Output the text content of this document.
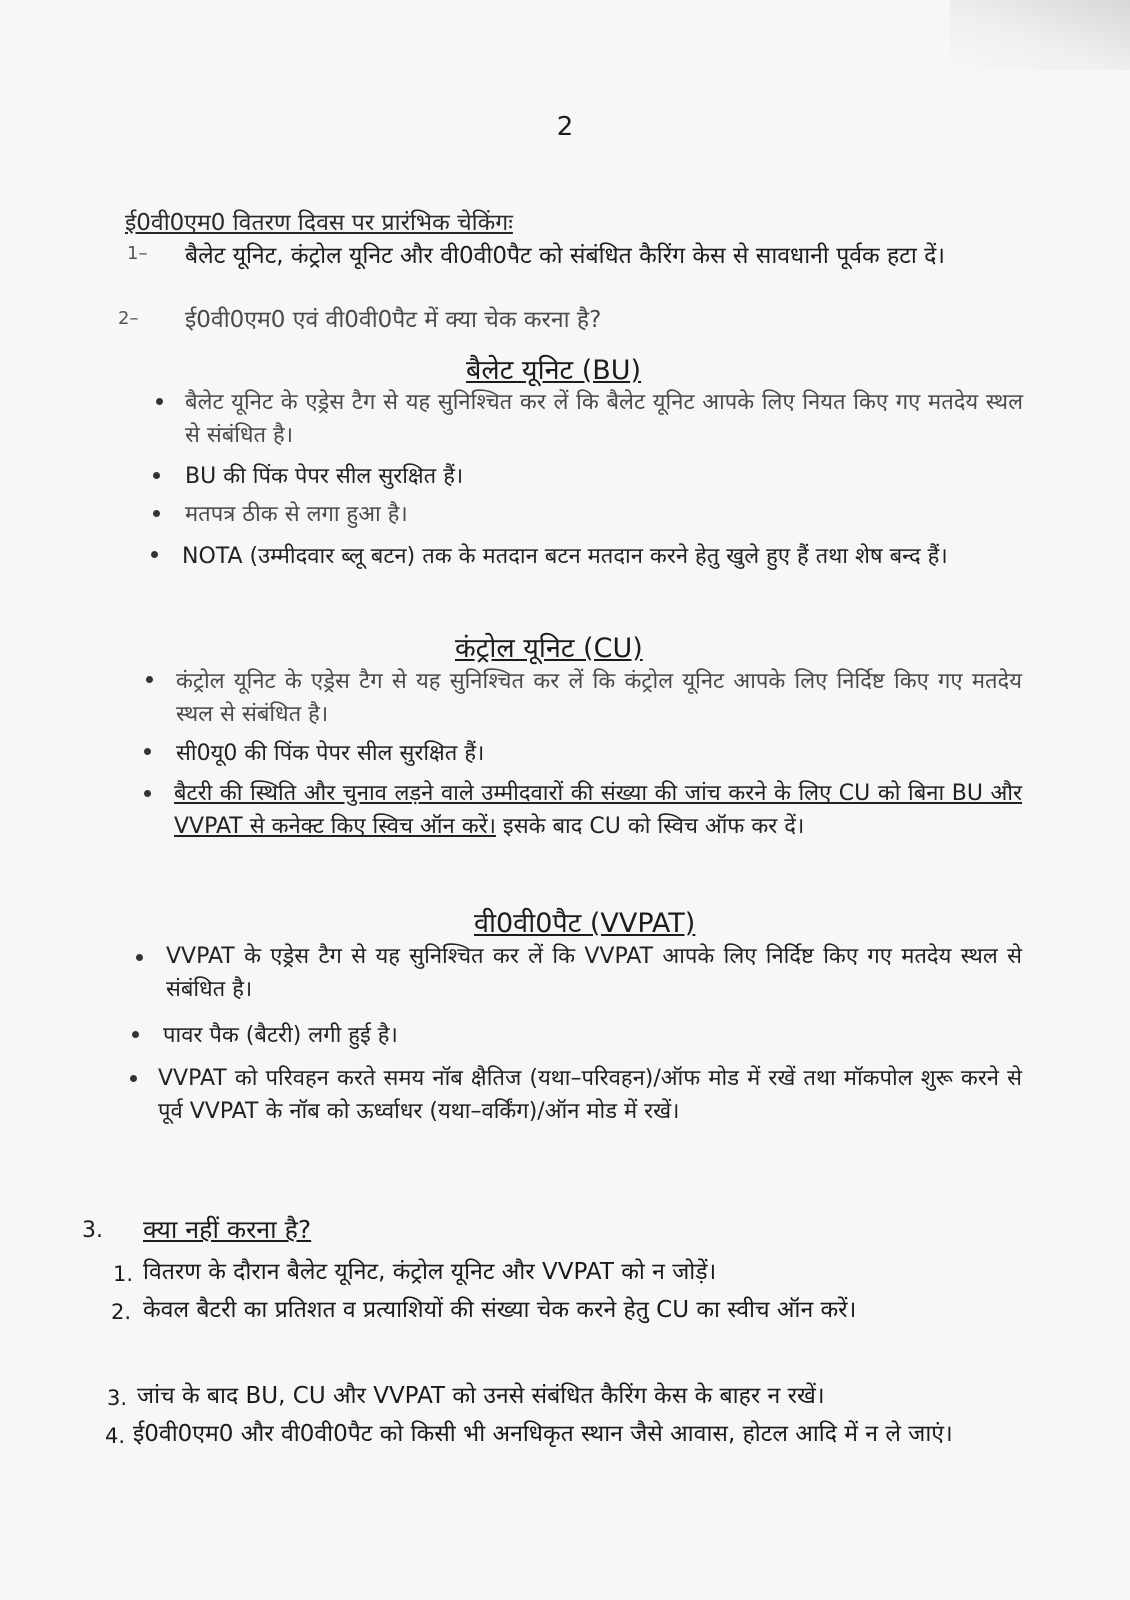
2
ई0वी0एम0 वितरण दिवस पर प्रारंभिक चेकिंगः
1– बैलेट यूनिट, कंट्रोल यूनिट और वी0वी0पैट को संबंधित कैरिंग केस से सावधानी पूर्वक हटा दें।
2– ई0वी0एम0 एवं वी0वी0पैट में क्या चेक करना है?
बैलेट यूनिट (BU)
बैलेट यूनिट के एड्रेस टैग से यह सुनिश्चित कर लें कि बैलेट यूनिट आपके लिए नियत किए गए मतदेय स्थल से संबंधित है।
BU की पिंक पेपर सील सुरक्षित हैं।
मतपत्र ठीक से लगा हुआ है।
NOTA (उम्मीदवार ब्लू बटन) तक के मतदान बटन मतदान करने हेतु खुले हुए हैं तथा शेष बन्द हैं।
कंट्रोल यूनिट (CU)
कंट्रोल यूनिट के एड्रेस टैग से यह सुनिश्चित कर लें कि कंट्रोल यूनिट आपके लिए निर्दिष्ट किए गए मतदेय स्थल से संबंधित है।
सी0यू0 की पिंक पेपर सील सुरक्षित हैं।
बैटरी की स्थिति और चुनाव लड़ने वाले उम्मीदवारों की संख्या की जांच करने के लिए CU को बिना BU और VVPAT से कनेक्ट किए स्विच ऑन करें। इसके बाद CU को स्विच ऑफ कर दें।
वी0वी0पैट (VVPAT)
VVPAT के एड्रेस टैग से यह सुनिश्चित कर लें कि VVPAT आपके लिए निर्दिष्ट किए गए मतदेय स्थल से संबंधित है।
पावर पैक (बैटरी) लगी हुई है।
VVPAT को परिवहन करते समय नॉब क्षैतिज (यथा–परिवहन)/ऑफ मोड में रखें तथा मॉकपोल शुरू करने से पूर्व VVPAT के नॉब को ऊर्ध्वाधर (यथा–वर्किंग)/ऑन मोड में रखें।
3. क्या नहीं करना है?
1. वितरण के दौरान बैलेट यूनिट, कंट्रोल यूनिट और VVPAT को न जोड़ें।
2. केवल बैटरी का प्रतिशत व प्रत्याशियों की संख्या चेक करने हेतु CU का स्वीच ऑन करें।
3. जांच के बाद BU, CU और VVPAT को उनसे संबंधित कैरिंग केस के बाहर न रखें।
4. ई0वी0एम0 और वी0वी0पैट को किसी भी अनधिकृत स्थान जैसे आवास, होटल आदि में न ले जाएं।
